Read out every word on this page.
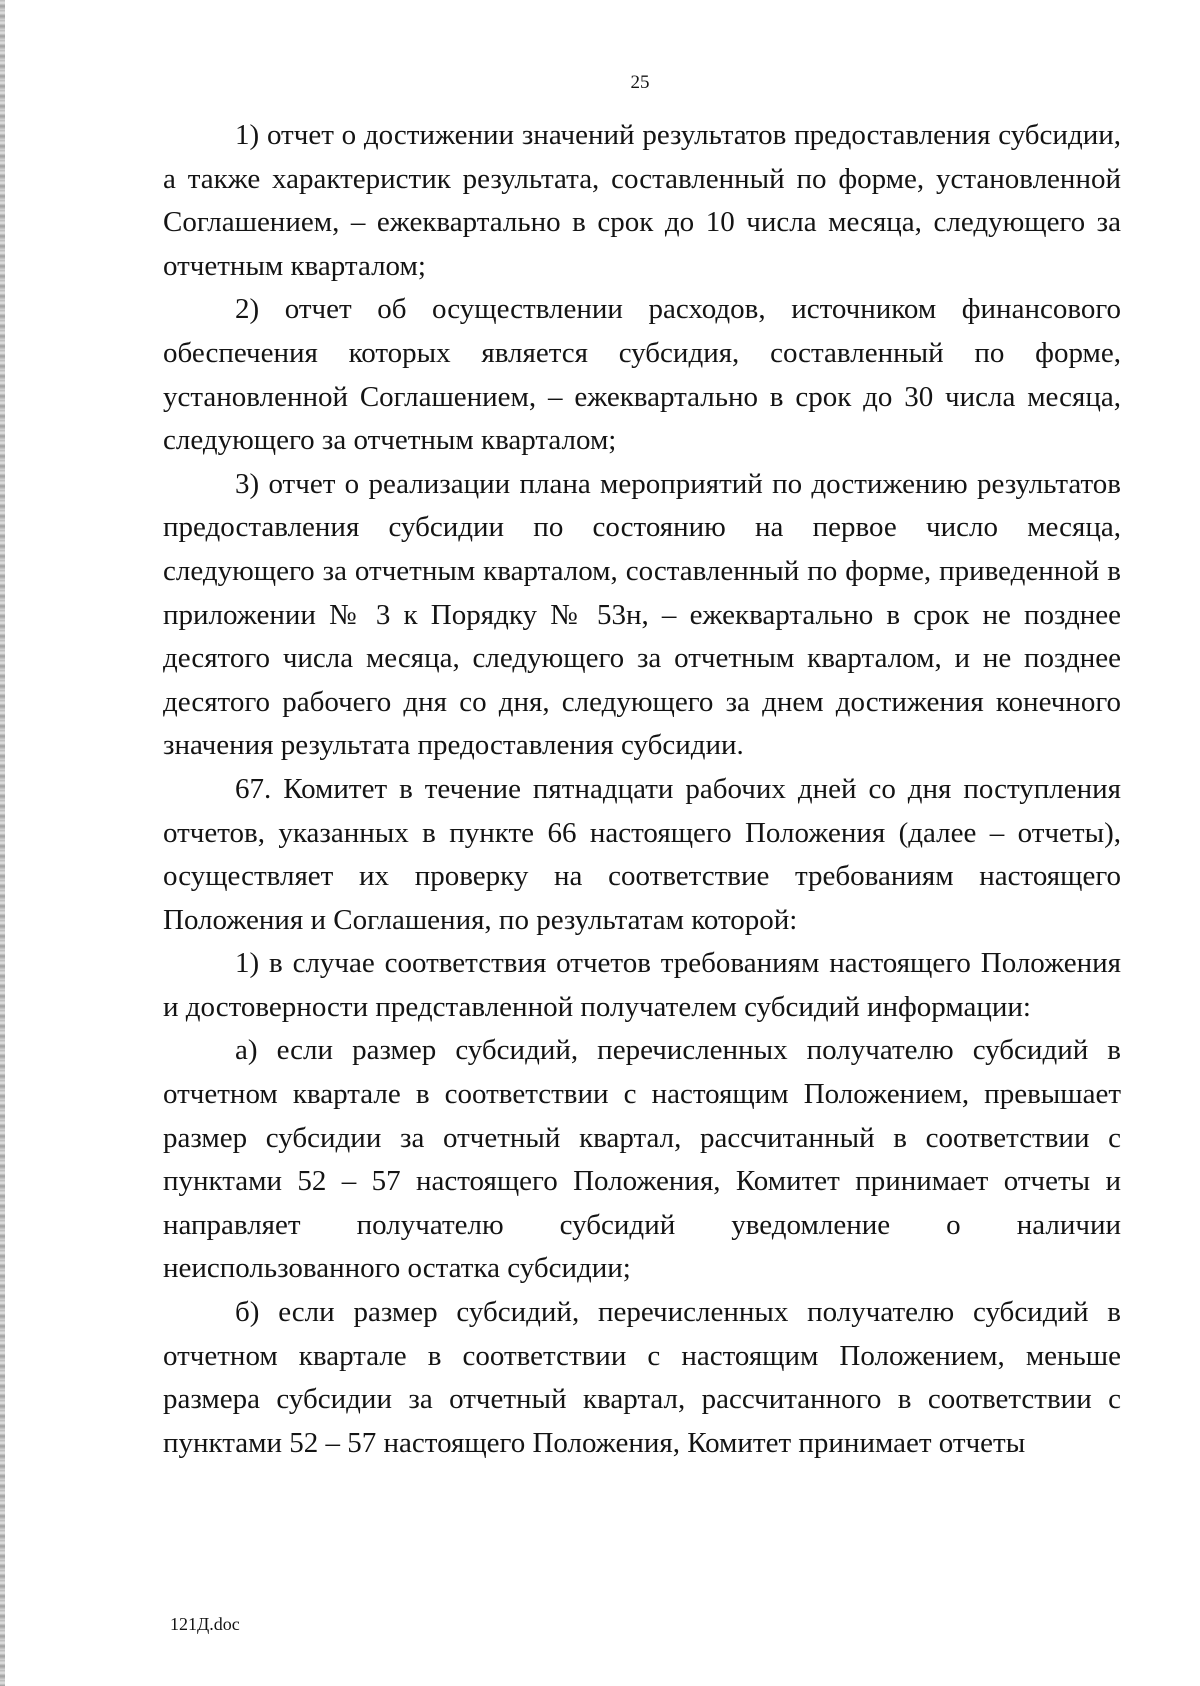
25

1) отчет о достижении значений результатов предоставления субсидии, а также характеристик результата, составленный по форме, установленной Соглашением, – ежеквартально в срок до 10 числа месяца, следующего за отчетным кварталом;

2) отчет об осуществлении расходов, источником финансового обеспечения которых является субсидия, составленный по форме, установленной Соглашением, – ежеквартально в срок до 30 числа месяца, следующего за отчетным кварталом;

3) отчет о реализации плана мероприятий по достижению результатов предоставления субсидии по состоянию на первое число месяца, следующего за отчетным кварталом, составленный по форме, приведенной в приложении № 3 к Порядку № 53н, – ежеквартально в срок не позднее десятого числа месяца, следующего за отчетным кварталом, и не позднее десятого рабочего дня со дня, следующего за днем достижения конечного значения результата предоставления субсидии.

67. Комитет в течение пятнадцати рабочих дней со дня поступления отчетов, указанных в пункте 66 настоящего Положения (далее – отчеты), осуществляет их проверку на соответствие требованиям настоящего Положения и Соглашения, по результатам которой:

1) в случае соответствия отчетов требованиям настоящего Положения и достоверности представленной получателем субсидий информации:

а) если размер субсидий, перечисленных получателю субсидий в отчетном квартале в соответствии с настоящим Положением, превышает размер субсидии за отчетный квартал, рассчитанный в соответствии с пунктами 52 – 57 настоящего Положения, Комитет принимает отчеты и направляет получателю субсидий уведомление о наличии неиспользованного остатка субсидии;

б) если размер субсидий, перечисленных получателю субсидий в отчетном квартале в соответствии с настоящим Положением, меньше размера субсидии за отчетный квартал, рассчитанного в соответствии с пунктами 52 – 57 настоящего Положения, Комитет принимает отчеты

121Д.doc
